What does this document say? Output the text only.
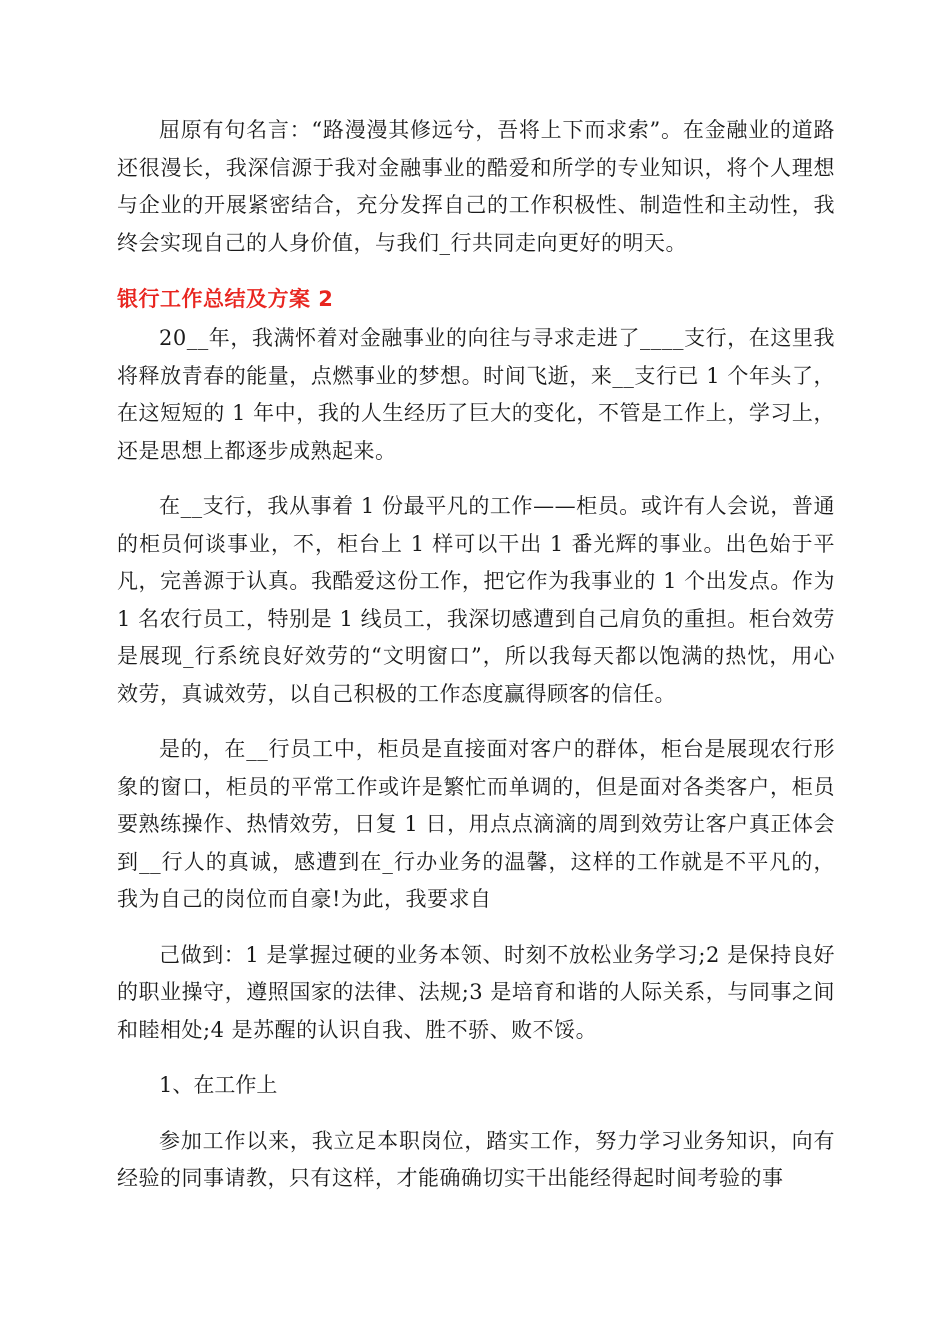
屈原有句名言：“路漫漫其修远兮，吾将上下而求索”。在金融业的道路还很漫长，我深信源于我对金融事业的酷爱和所学的专业知识，将个人理想与企业的开展紧密结合，充分发挥自己的工作积极性、制造性和主动性，我终会实现自己的人身价值，与我们_行共同走向更好的明天。

银行工作总结及方案 2

20__年，我满怀着对金融事业的向往与寻求走进了____支行，在这里我将释放青春的能量，点燃事业的梦想。时间飞逝，来__支行已 1 个年头了，在这短短的 1 年中，我的人生经历了巨大的变化，不管是工作上，学习上，还是思想上都逐步成熟起来。

在__支行，我从事着 1 份最平凡的工作——柜员。或许有人会说，普通的柜员何谈事业，不，柜台上 1 样可以干出 1 番光辉的事业。出色始于平凡，完善源于认真。我酷爱这份工作，把它作为我事业的 1 个出发点。作为 1 名农行员工，特别是 1 线员工，我深切感遭到自己肩负的重担。柜台效劳是展现_行系统良好效劳的“文明窗口”，所以我每天都以饱满的热忱，用心效劳，真诚效劳，以自己积极的工作态度赢得顾客的信任。

是的，在__行员工中，柜员是直接面对客户的群体，柜台是展现农行形象的窗口，柜员的平常工作或许是繁忙而单调的，但是面对各类客户，柜员要熟练操作、热情效劳，日复 1 日，用点点滴滴的周到效劳让客户真正体会到__行人的真诚，感遭到在_行办业务的温馨，这样的工作就是不平凡的，我为自己的岗位而自豪!为此，我要求自

己做到：1 是掌握过硬的业务本领、时刻不放松业务学习;2 是保持良好的职业操守，遵照国家的法律、法规;3 是培育和谐的人际关系，与同事之间和睦相处;4 是苏醒的认识自我、胜不骄、败不馁。

1、在工作上

参加工作以来，我立足本职岗位，踏实工作，努力学习业务知识，向有经验的同事请教，只有这样，才能确确切实干出能经得起时间考验的事
